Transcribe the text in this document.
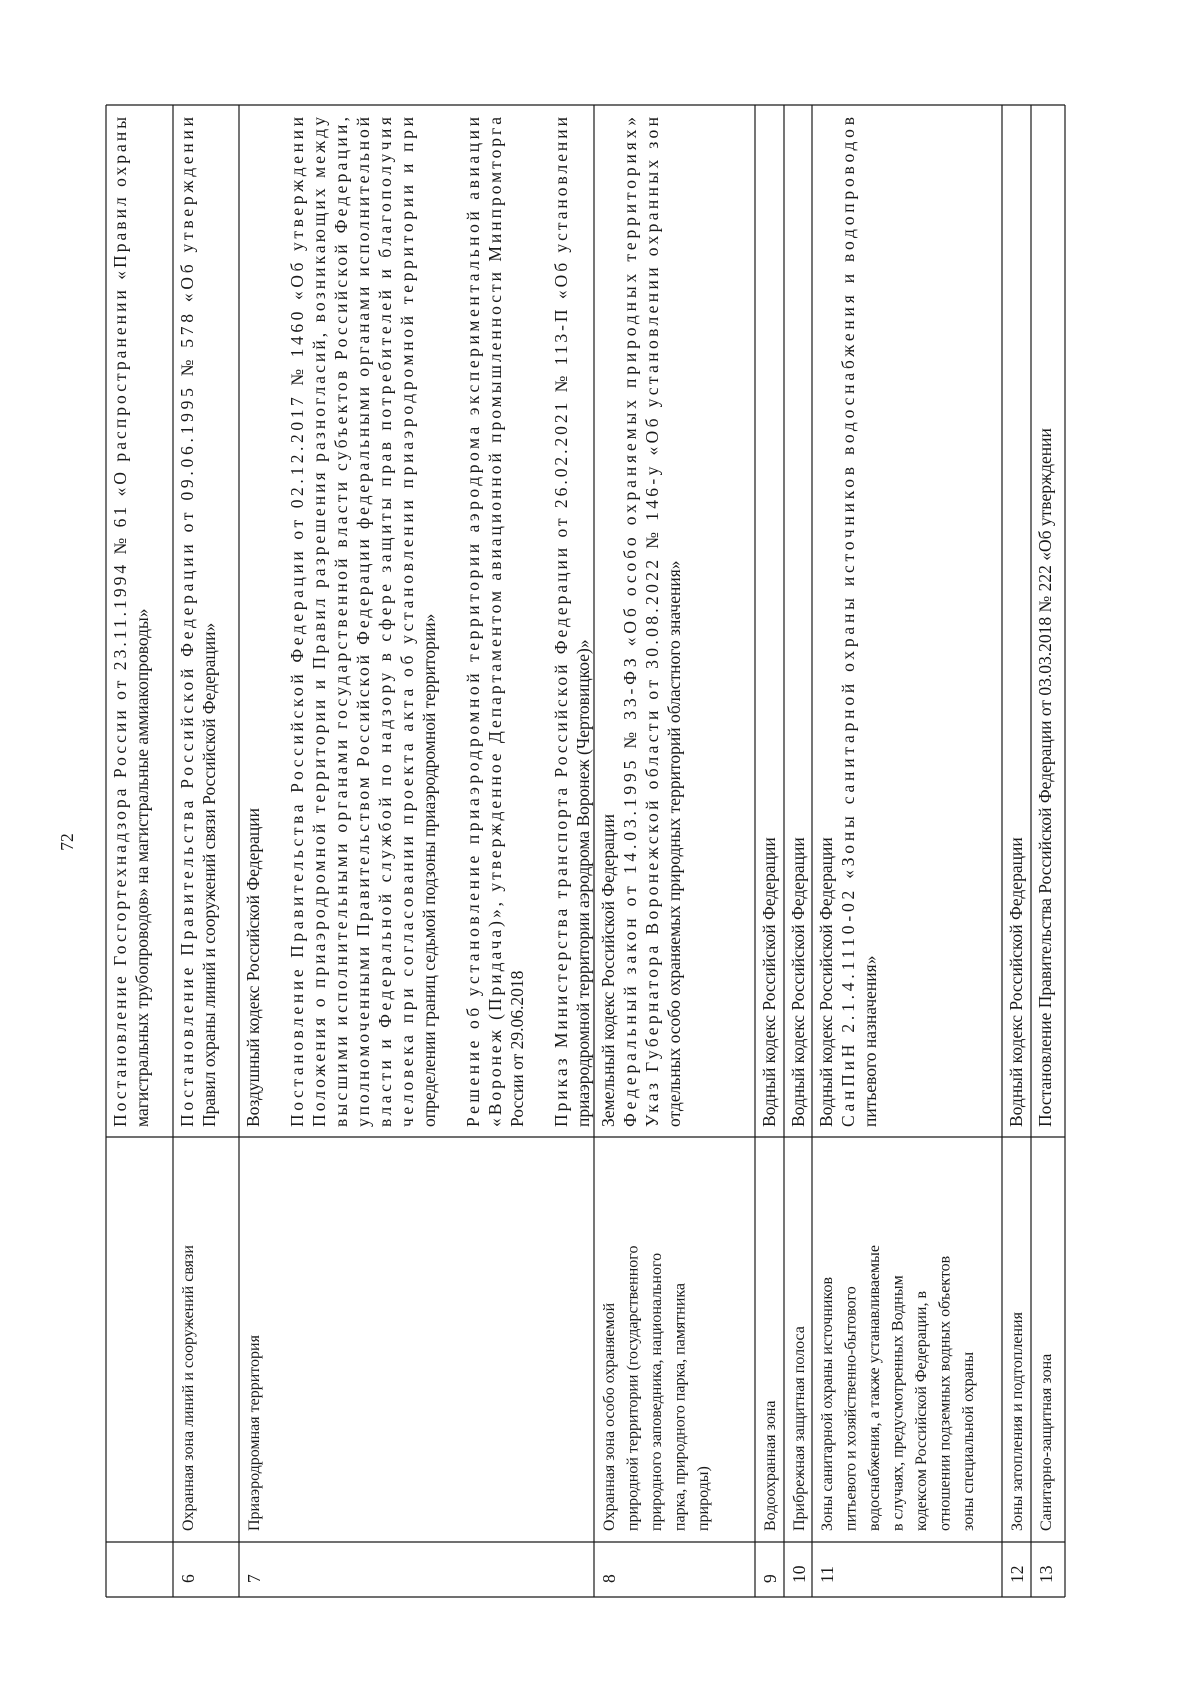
72
Постановление Госгортехнадзора России от 23.11.1994 № 61 «О распространении «Правил охраны
магистральных трубопроводов» на магистральные аммиакопроводы»
6
Охранная зона линий и сооружений связи
Постановление Правительства Российской Федерации от 09.06.1995 № 578 «Об утверждении
Правил охраны линий и сооружений связи Российской Федерации»
7
Приаэродромная территория
Воздушный кодекс Российской Федерации Постановление Правительства Российской Федерации от 02.12.2017 № 1460 «Об утверждении
Положения о приаэродромной территории и Правил разрешения разногласий, возникающих между
высшими исполнительными органами государственной власти субъектов Российской Федерации,
уполномоченными Правительством Российской Федерации федеральными органами исполнительной
власти и Федеральной службой по надзору в сфере защиты прав потребителей и благополучия
человека при согласовании проекта акта об установлении приаэродромной территории и при
определении границ седьмой подзоны приаэродромной территории» Решение об установление приаэродромной территории аэродрома экспериментальной авиации
«Воронеж (Придача)», утвержденное Департаментом авиационной промышленности Минпромторга
России от 29.06.2018 Приказ Министерства транспорта Российской Федерации от 26.02.2021 № 113-П «Об установлении
приаэродромной территории аэродрома Воронеж (Чертовицкое)»
8
Охранная зона особо охраняемой природной территории (государственного природного заповедника, национального парка, природного парка, памятника природы)
Земельный кодекс Российской Федерации Федеральный закон от 14.03.1995 № 33-ФЗ «Об особо охраняемых природных территориях»
Указ Губернатора Воронежской области от 30.08.2022 № 146-у «Об установлении охранных зон
отдельных особо охраняемых природных территорий областного значения»
9
Водоохранная зона
Водный кодекс Российской Федерации
10
Прибрежная защитная полоса
Водный кодекс Российской Федерации
11
Зоны санитарной охраны источников питьевого и хозяйственно-бытового водоснабжения, а также устанавливаемые в случаях, предусмотренных Водным кодексом Российской Федерации, в отношении подземных водных объектов зоны специальной охраны
Водный кодекс Российской Федерации СанПиН 2.1.4.1110-02 «Зоны санитарной охраны источников водоснабжения и водопроводов
питьевого назначения»
12
Зоны затопления и подтопления
Водный кодекс Российской Федерации
13
Санитарно-защитная зона
Постановление Правительства Российской Федерации от 03.03.2018 № 222 «Об утверждении
